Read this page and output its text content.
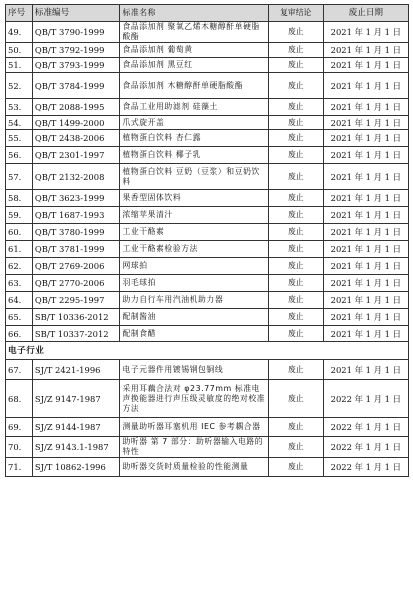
序号	标准编号	标准名称	复审结论	废止日期
49.	QB/T 3790-1999	食品添加剂 聚氧乙烯木糖醇酐单硬脂酸酯	废止	2021 年 1 月 1 日
50.	QB/T 3792-1999	食品添加剂 葡萄黄	废止	2021 年 1 月 1 日
51.	QB/T 3793-1999	食品添加剂 黑豆红	废止	2021 年 1 月 1 日
52.	QB/T 3784-1999	食品添加剂 木糖醇酐单硬脂酸酯	废止	2021 年 1 月 1 日
53.	QB/T 2088-1995	食品工业用助滤剂 硅藻土	废止	2021 年 1 月 1 日
54.	QB/T 1499-2000	爪式旋开盖	废止	2021 年 1 月 1 日
55.	QB/T 2438-2006	植物蛋白饮料 杏仁露	废止	2021 年 1 月 1 日
56.	QB/T 2301-1997	植物蛋白饮料 椰子乳	废止	2021 年 1 月 1 日
57.	QB/T 2132-2008	植物蛋白饮料 豆奶（豆浆）和豆奶饮料	废止	2021 年 1 月 1 日
58.	QB/T 3623-1999	果香型固体饮料	废止	2021 年 1 月 1 日
59.	QB/T 1687-1993	浓缩苹果清汁	废止	2021 年 1 月 1 日
60.	QB/T 3780-1999	工业干酪素	废止	2021 年 1 月 1 日
61.	QB/T 3781-1999	工业干酪素检验方法	废止	2021 年 1 月 1 日
62.	QB/T 2769-2006	网球拍	废止	2021 年 1 月 1 日
63.	QB/T 2770-2006	羽毛球拍	废止	2021 年 1 月 1 日
64.	QB/T 2295-1997	助力自行车用汽油机助力器	废止	2021 年 1 月 1 日
65.	SB/T 10336-2012	配制酱油	废止	2021 年 1 月 1 日
66.	SB/T 10337-2012	配制食醋	废止	2021 年 1 月 1 日
电子行业				
67.	SJ/T 2421-1996	电子元器件用镀锡钢包铜线	废止	2021 年 1 月 1 日
68.	SJ/Z 9147-1987	采用耳藕合法对 φ23.77mm 标准电声换能器进行声压级灵敏度的绝对校准方法	废止	2022 年 1 月 1 日
69.	SJ/Z 9144-1987	测量助听器耳塞机用 IEC 参考耦合器	废止	2022 年 1 月 1 日
70.	SJ/Z 9143.1-1987	助听器 第 7 部分：助听器输入电路的特性	废止	2022 年 1 月 1 日
71.	SJ/T 10862-1996	助听器交货时质量检验的性能测量	废止	2022 年 1 月 1 日
